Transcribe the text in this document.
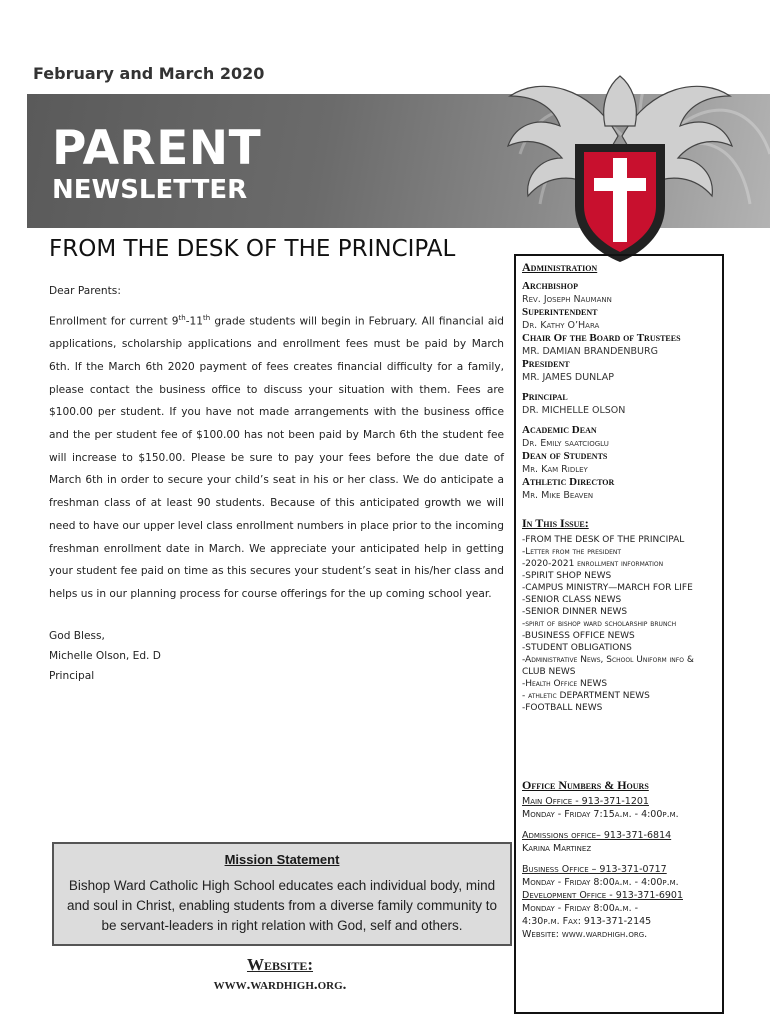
February and March 2020
PARENT
NEWSLETTER
FROM THE DESK OF THE PRINCIPAL
Dear Parents:
Enrollment for current 9th-11th grade students will begin in February. All financial aid applications, scholarship applications and enrollment fees must be paid by March 6th. If the March 6th 2020 payment of fees creates financial difficulty for a family, please contact the business office to discuss your situation with them. Fees are $100.00 per student. If you have not made arrangements with the business office and the per student fee of $100.00 has not been paid by March 6th the student fee will increase to $150.00. Please be sure to pay your fees before the due date of March 6th in order to secure your child’s seat in his or her class. We do anticipate a freshman class of at least 90 students. Because of this anticipated growth we will need to have our upper level class enrollment numbers in place prior to the incoming freshman enrollment date in March. We appreciate your anticipated help in getting your student fee paid on time as this secures your student’s seat in his/her class and helps us in our planning process for course offerings for the up coming school year.
God Bless,
Michelle Olson, Ed. D
Principal
Administration
Archbishop
Rev. Joseph Naumann
Superintendent
Dr. Kathy O’Hara
Chair Of the Board of Trustees
MR. DAMIAN BRANDENBURG
President
MR. JAMES DUNLAP
Principal
DR. MICHELLE OLSON
Academic Dean
Dr. Emily saatcioglu
Dean of Students
Mr. Kam Ridley
Athletic Director
Mr. Mike Beaven
In This Issue:
-FROM THE DESK OF THE PRINCIPAL
-Letter from the president
-2020-2021 enrollment information
-SPIRIT SHOP NEWS
-CAMPUS MINISTRY—MARCH FOR LIFE
-SENIOR CLASS NEWS
-SENIOR DINNER NEWS
-spirit of bishop ward scholarship brunch
-BUSINESS OFFICE NEWS
-STUDENT OBLIGATIONS
-Administrative News, School Uniform info & CLUB NEWS
-Health Office NEWS
- athletic DEPARTMENT NEWS
-FOOTBALL NEWS
Office Numbers & Hours
Main Office - 913-371-1201
Monday - Friday 7:15a.m. - 4:00p.m.
Admissions office– 913-371-6814
Karina Martinez
Business Office – 913-371-0717
Monday - Friday 8:00a.m. - 4:00p.m.
Development Office - 913-371-6901
Monday - Friday 8:00a.m. -
4:30p.m. Fax: 913-371-2145
Website: www.wardhigh.org.
Mission Statement
Bishop Ward Catholic High School educates each individual body, mind and soul in Christ, enabling students from a diverse family community to be servant-leaders in right relation with God, self and others.
Website:
www.wardhigh.org.
